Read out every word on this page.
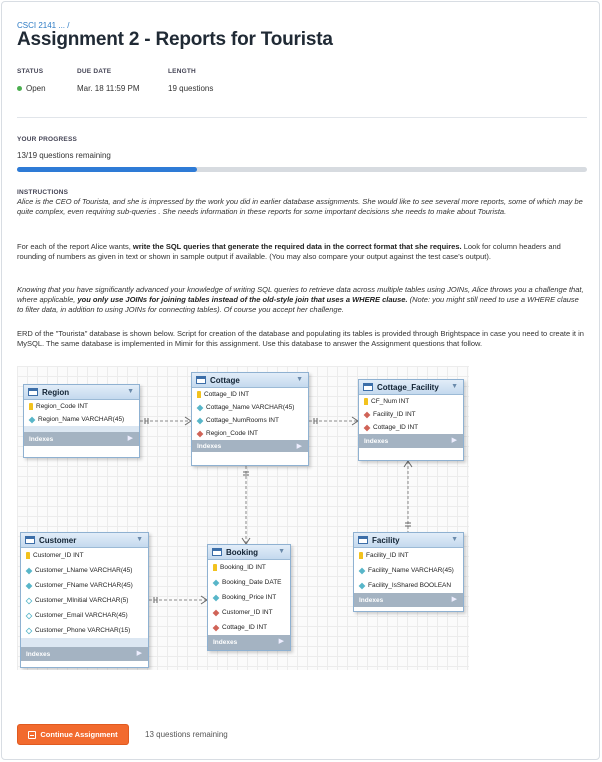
CSCI 2141 ... /
Assignment 2 - Reports for Tourista
STATUS	DUE DATE	LENGTH
Open	Mar. 18 11:59 PM	19 questions
YOUR PROGRESS
13/19 questions remaining
INSTRUCTIONS
Alice is the CEO of Tourista, and she is impressed by the work you did in earlier database assignments. She would like to see several more reports, some of which may be quite complex, even requiring sub-queries . She needs information in these reports for some important decisions she needs to make about Tourista.
For each of the report Alice wants, write the SQL queries that generate the required data in the correct format that she requires. Look for column headers and rounding of numbers as given in text or shown in sample output if available. (You may also compare your output against the test case's output).
Knowing that you have significantly advanced your knowledge of writing SQL queries to retrieve data across multiple tables using JOINs, Alice throws you a challenge that, where applicable, you only use JOINs for joining tables instead of the old-style join that uses a WHERE clause. (Note: you might still need to use a WHERE clause to filter data, in addition to using JOINs for connecting tables). Of course you accept her challenge.
ERD of the "Tourista" database is shown below. Script for creation of the database and populating its tables is provided through Brightspace in case you need to create it in MySQL. The same database is implemented in Mimir for this assignment. Use this database to answer the Assignment questions that follow.
Region	▼
Region_Code INT
Region_Name VARCHAR(45)
Indexes	▶
Cottage	▼
Cottage_ID INT
Cottage_Name VARCHAR(45)
Cottage_NumRooms INT
Region_Code INT
Indexes	▶
Cottage_Facility ▼
CF_Num INT
Facility_ID INT
Cottage_ID INT
Indexes	▶
Customer	▼
Customer_ID INT
Customer_LName VARCHAR(45)
Customer_FName VARCHAR(45)
Customer_MInitial VARCHAR(5)
Customer_Email VARCHAR(45)
Customer_Phone VARCHAR(15)
Indexes	▶
Booking	▼
Booking_ID INT
Booking_Date DATE
Booking_Price INT
Customer_ID INT
Cottage_ID INT
Indexes	▶
Facility	▼
Facility_ID INT
Facility_Name VARCHAR(45)
Facility_IsShared BOOLEAN
Indexes	▶
Continue Assignment	13 questions remaining
